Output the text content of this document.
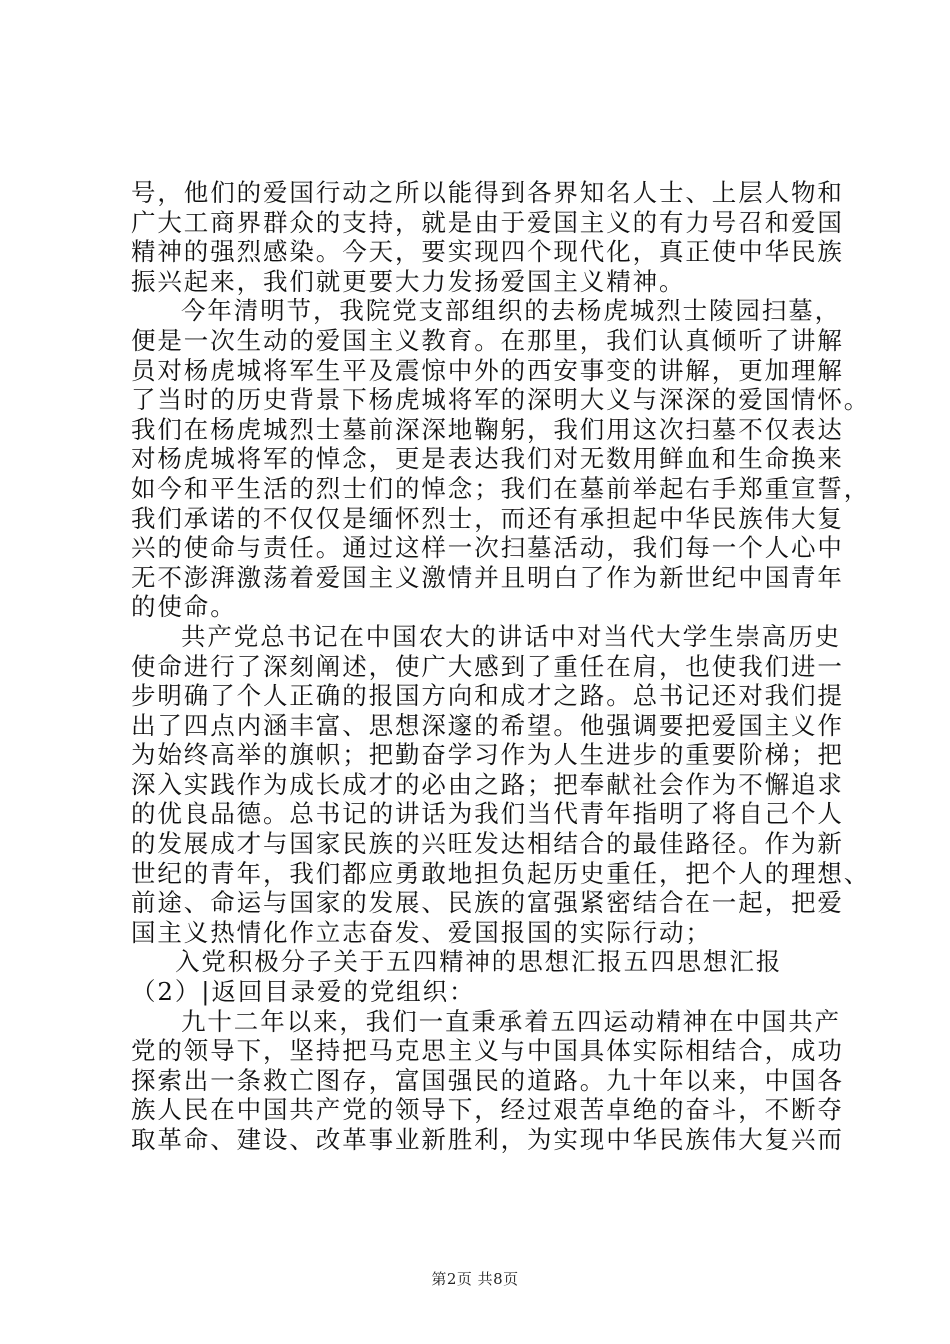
号，他们的爱国行动之所以能得到各界知名人士、上层人物和
广大工商界群众的支持，就是由于爱国主义的有力号召和爱国
精神的强烈感染。今天，要实现四个现代化，真正使中华民族
振兴起来，我们就更要大力发扬爱国主义精神。
今年清明节，我院党支部组织的去杨虎城烈士陵园扫墓，
便是一次生动的爱国主义教育。在那里，我们认真倾听了讲解
员对杨虎城将军生平及震惊中外的西安事变的讲解，更加理解
了当时的历史背景下杨虎城将军的深明大义与深深的爱国情怀。
我们在杨虎城烈士墓前深深地鞠躬，我们用这次扫墓不仅表达
对杨虎城将军的悼念，更是表达我们对无数用鲜血和生命换来
如今和平生活的烈士们的悼念；我们在墓前举起右手郑重宣誓，
我们承诺的不仅仅是缅怀烈士，而还有承担起中华民族伟大复
兴的使命与责任。通过这样一次扫墓活动，我们每一个人心中
无不澎湃激荡着爱国主义激情并且明白了作为新世纪中国青年
的使命。
共产党总书记在中国农大的讲话中对当代大学生崇高历史
使命进行了深刻阐述，使广大感到了重任在肩，也使我们进一
步明确了个人正确的报国方向和成才之路。总书记还对我们提
出了四点内涵丰富、思想深邃的希望。他强调要把爱国主义作
为始终高举的旗帜；把勤奋学习作为人生进步的重要阶梯；把
深入实践作为成长成才的必由之路；把奉献社会作为不懈追求
的优良品德。总书记的讲话为我们当代青年指明了将自己个人
的发展成才与国家民族的兴旺发达相结合的最佳路径。作为新
世纪的青年，我们都应勇敢地担负起历史重任，把个人的理想、
前途、命运与国家的发展、民族的富强紧密结合在一起，把爱
国主义热情化作立志奋发、爱国报国的实际行动；
入党积极分子关于五四精神的思想汇报五四思想汇报
（2）|返回目录爱的党组织：
九十二年以来，我们一直秉承着五四运动精神在中国共产
党的领导下，坚持把马克思主义与中国具体实际相结合，成功
探索出一条救亡图存，富国强民的道路。九十年以来，中国各
族人民在中国共产党的领导下，经过艰苦卓绝的奋斗，不断夺
取革命、建设、改革事业新胜利，为实现中华民族伟大复兴而
第2页 共8页
